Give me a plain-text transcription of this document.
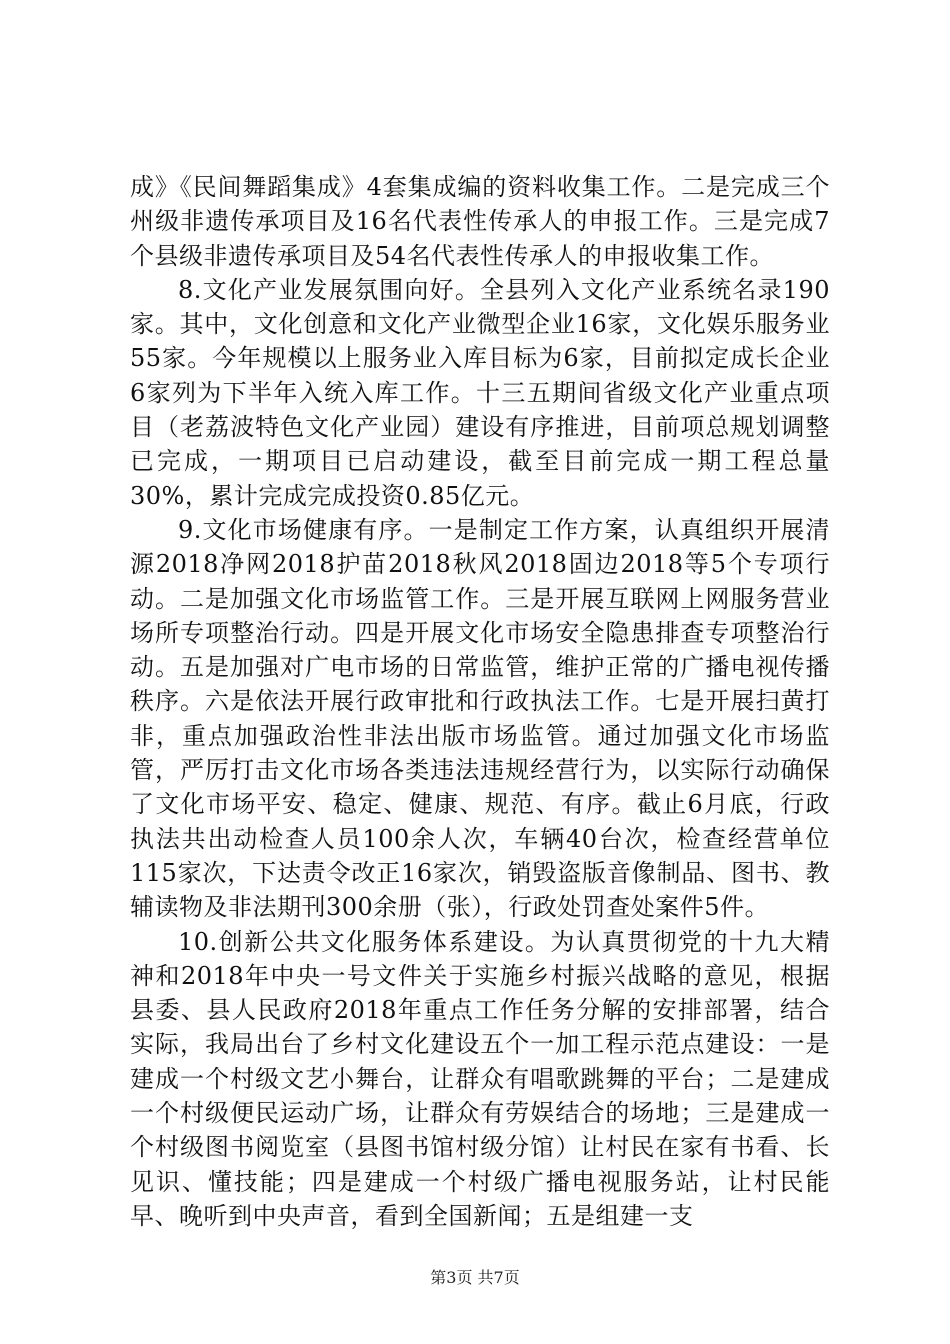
成》《民间舞蹈集成》4套集成编的资料收集工作。二是完成三个州级非遗传承项目及16名代表性传承人的申报工作。三是完成7个县级非遗传承项目及54名代表性传承人的申报收集工作。

8.文化产业发展氛围向好。全县列入文化产业系统名录190家。其中，文化创意和文化产业微型企业16家，文化娱乐服务业55家。今年规模以上服务业入库目标为6家，目前拟定成长企业6家列为下半年入统入库工作。十三五期间省级文化产业重点项目（老荔波特色文化产业园）建设有序推进，目前项总规划调整已完成，一期项目已启动建设，截至目前完成一期工程总量30%，累计完成完成投资0.85亿元。

9.文化市场健康有序。一是制定工作方案，认真组织开展清源2018净网2018护苗2018秋风2018固边2018等5个专项行动。二是加强文化市场监管工作。三是开展互联网上网服务营业场所专项整治行动。四是开展文化市场安全隐患排查专项整治行动。五是加强对广电市场的日常监管，维护正常的广播电视传播秩序。六是依法开展行政审批和行政执法工作。七是开展扫黄打非，重点加强政治性非法出版市场监管。通过加强文化市场监管，严厉打击文化市场各类违法违规经营行为，以实际行动确保了文化市场平安、稳定、健康、规范、有序。截止6月底，行政执法共出动检查人员100余人次，车辆40台次，检查经营单位115家次，下达责令改正16家次，销毁盗版音像制品、图书、教辅读物及非法期刊300余册（张），行政处罚查处案件5件。

10.创新公共文化服务体系建设。为认真贯彻党的十九大精神和2018年中央一号文件关于实施乡村振兴战略的意见，根据县委、县人民政府2018年重点工作任务分解的安排部署，结合实际，我局出台了乡村文化建设五个一加工程示范点建设：一是建成一个村级文艺小舞台，让群众有唱歌跳舞的平台；二是建成一个村级便民运动广场，让群众有劳娱结合的场地；三是建成一个村级图书阅览室（县图书馆村级分馆）让村民在家有书看、长见识、懂技能；四是建成一个村级广播电视服务站，让村民能早、晚听到中央声音，看到全国新闻；五是组建一支

第3页 共7页
